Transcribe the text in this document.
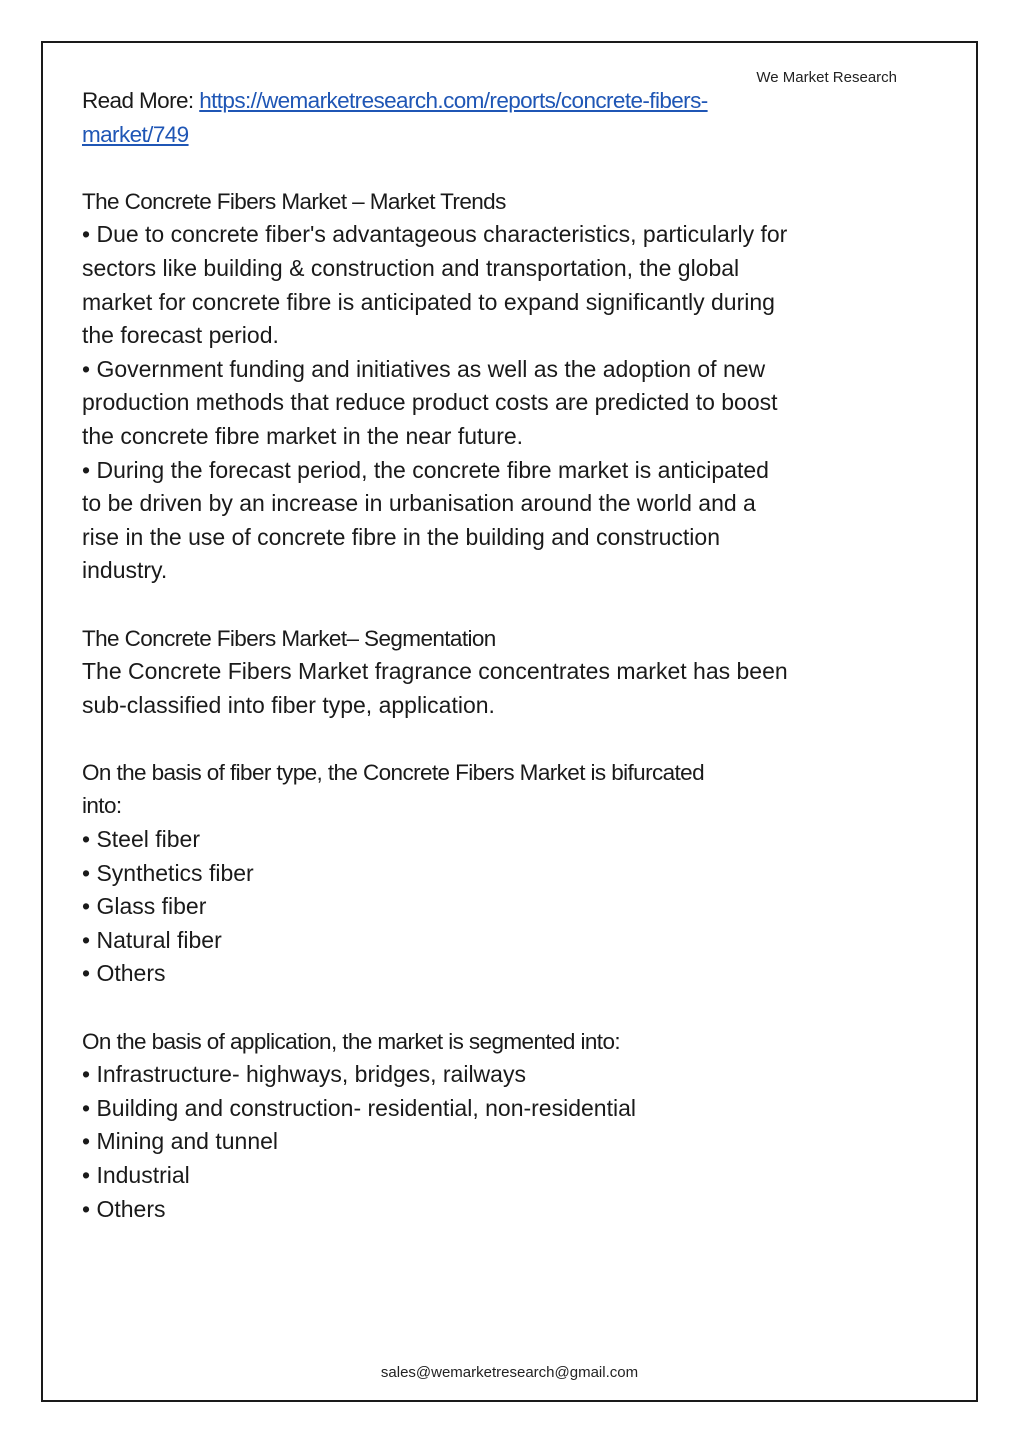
We Market Research
sales@wemarketresearch@gmail.com

Read More: https://wemarketresearch.com/reports/concrete-fibers-

market/749

The Concrete Fibers Market – Market Trends

• Due to concrete fiber's advantageous characteristics, particularly for

sectors like building & construction and transportation, the global

market for concrete fibre is anticipated to expand significantly during

the forecast period.

• Government funding and initiatives as well as the adoption of new

production methods that reduce product costs are predicted to boost

the concrete fibre market in the near future.

• During the forecast period, the concrete fibre market is anticipated

to be driven by an increase in urbanisation around the world and a

rise in the use of concrete fibre in the building and construction

industry.

The Concrete Fibers Market– Segmentation

The Concrete Fibers Market fragrance concentrates market has been

sub-classified into fiber type, application.

On the basis of fiber type, the Concrete Fibers Market is bifurcated

into:

• Steel fiber
• Synthetics fiber
• Glass fiber
• Natural fiber
• Others

On the basis of application, the market is segmented into:

• Infrastructure- highways, bridges, railways
• Building and construction- residential, non-residential
• Mining and tunnel
• Industrial
• Others
